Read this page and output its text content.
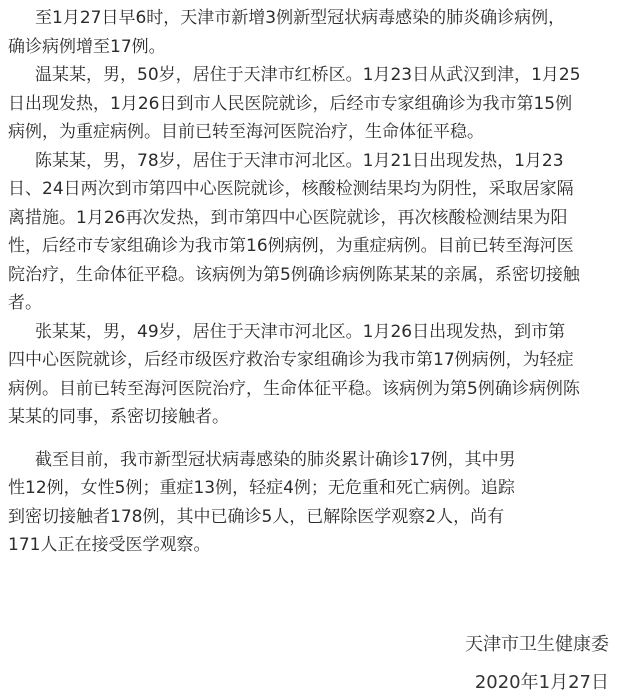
至1月27日早6时，天津市新增3例新型冠状病毒感染的肺炎确诊病例，
确诊病例增至17例。
温某某，男，50岁，居住于天津市红桥区。1月23日从武汉到津，1月25
日出现发热，1月26日到市人民医院就诊，后经市专家组确诊为我市第15例
病例，为重症病例。目前已转至海河医院治疗，生命体征平稳。
陈某某，男，78岁，居住于天津市河北区。1月21日出现发热，1月23
日、24日两次到市第四中心医院就诊，核酸检测结果均为阴性，采取居家隔
离措施。1月26再次发热，到市第四中心医院就诊，再次核酸检测结果为阳
性，后经市专家组确诊为我市第16例病例，为重症病例。目前已转至海河医
院治疗，生命体征平稳。该病例为第5例确诊病例陈某某的亲属，系密切接触
者。
张某某，男，49岁，居住于天津市河北区。1月26日出现发热，到市第
四中心医院就诊，后经市级医疗救治专家组确诊为我市第17例病例，为轻症
病例。目前已转至海河医院治疗，生命体征平稳。该病例为第5例确诊病例陈
某某的同事，系密切接触者。
截至目前，我市新型冠状病毒感染的肺炎累计确诊17例，其中男
性12例，女性5例；重症13例，轻症4例；无危重和死亡病例。追踪
到密切接触者178例，其中已确诊5人，已解除医学观察2人，尚有
171人正在接受医学观察。
天津市卫生健康委
2020年1月27日
